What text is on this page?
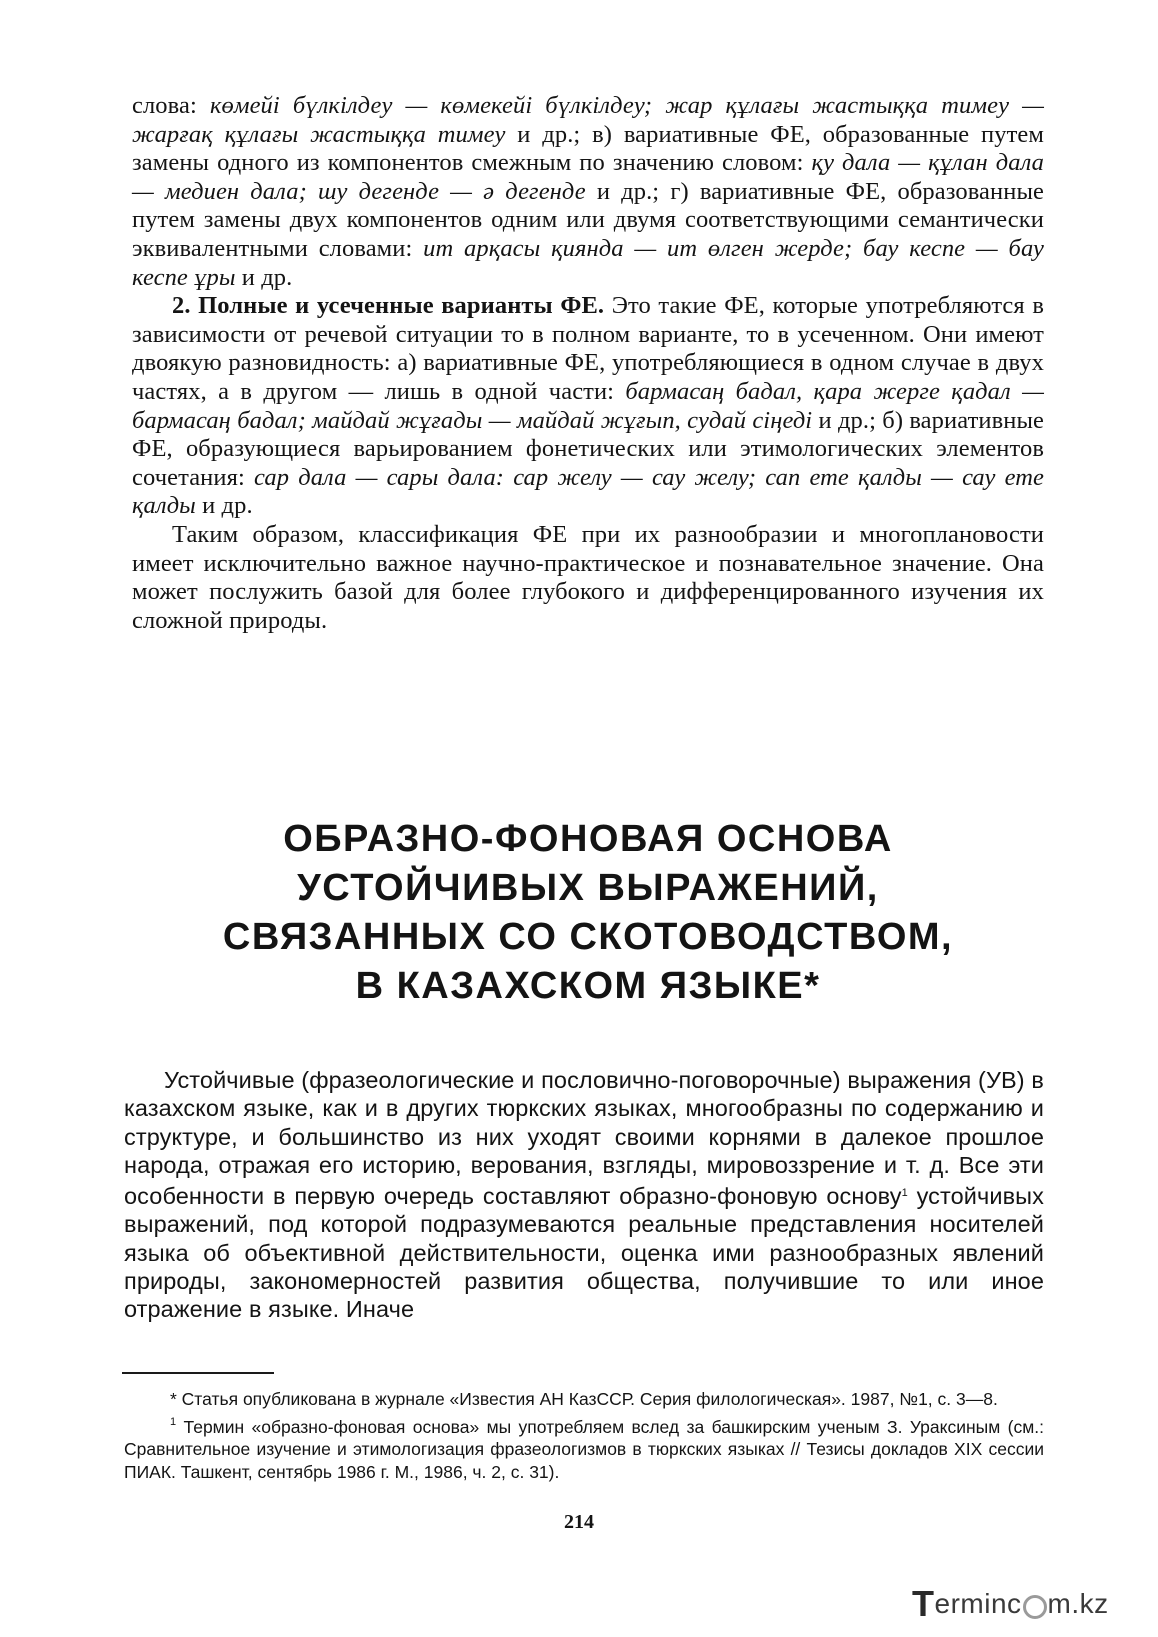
слова: көмейі бүлкілдеу — көмекейі бүлкілдеу; жар құлағы жастыққа тимеу — жарғақ құлағы жастыққа тимеу и др.; в) вариативные ФЕ, образованные путем замены одного из компонентов смежным по значению словом: қу дала — құлан дала — медиен дала; шу дегенде — ә дегенде и др.; г) вариативные ФЕ, образованные путем замены двух компонентов одним или двумя соответствующими семантически эквивалентными словами: ит арқасы қиянда — ит өлген жерде; бау кеспе — бау кеспе ұры и др.

2. Полные и усеченные варианты ФЕ. Это такие ФЕ, которые употребляются в зависимости от речевой ситуации то в полном варианте, то в усеченном. Они имеют двоякую разновидность: а) вариативные ФЕ, употребляющиеся в одном случае в двух частях, а в другом — лишь в одной части: бармасаң бадал, қара жерге қадал — бармасаң бадал; майдай жұғады — майдай жұғып, судай сіңеді и др.; б) вариативные ФЕ, образующиеся варьированием фонетических или этимологических элементов сочетания: сар дала — сары дала: сар желу — сау желу; сап ете қалды — сау ете қалды и др.

Таким образом, классификация ФЕ при их разнообразии и многоплановости имеет исключительно важное научно-практическое и познавательное значение. Она может послужить базой для более глубокого и дифференцированного изучения их сложной природы.

ОБРАЗНО-ФОНОВАЯ ОСНОВА
УСТОЙЧИВЫХ ВЫРАЖЕНИЙ,
СВЯЗАННЫХ СО СКОТОВОДСТВОМ,
В КАЗАХСКОМ ЯЗЫКЕ*

Устойчивые (фразеологические и пословично-поговорочные) выражения (УВ) в казахском языке, как и в других тюркских языках, многообразны по содержанию и структуре, и большинство из них уходят своими корнями в далекое прошлое народа, отражая его историю, верования, взгляды, мировоззрение и т. д. Все эти особенности в первую очередь составляют образно-фоновую основу$^1$ устойчивых выражений, под которой подразумеваются реальные представления носителей языка об объективной действительности, оценка ими разнообразных явлений природы, закономерностей развития общества, получившие то или иное отражение в языке. Иначе

* Статья опубликована в журнале «Известия АН КазССР. Серия филологическая». 1987, №1, с. 3—8.

$^1$ Термин «образно-фоновая основа» мы употребляем вслед за башкирским ученым З. Ураксиным (см.: Сравнительное изучение и этимологизация фразеологизмов в тюркских языках // Тезисы докладов XIX сессии ПИАК. Ташкент, сентябрь 1986 г. М., 1986, ч. 2, с. 31).

214
T erminc m.kz
